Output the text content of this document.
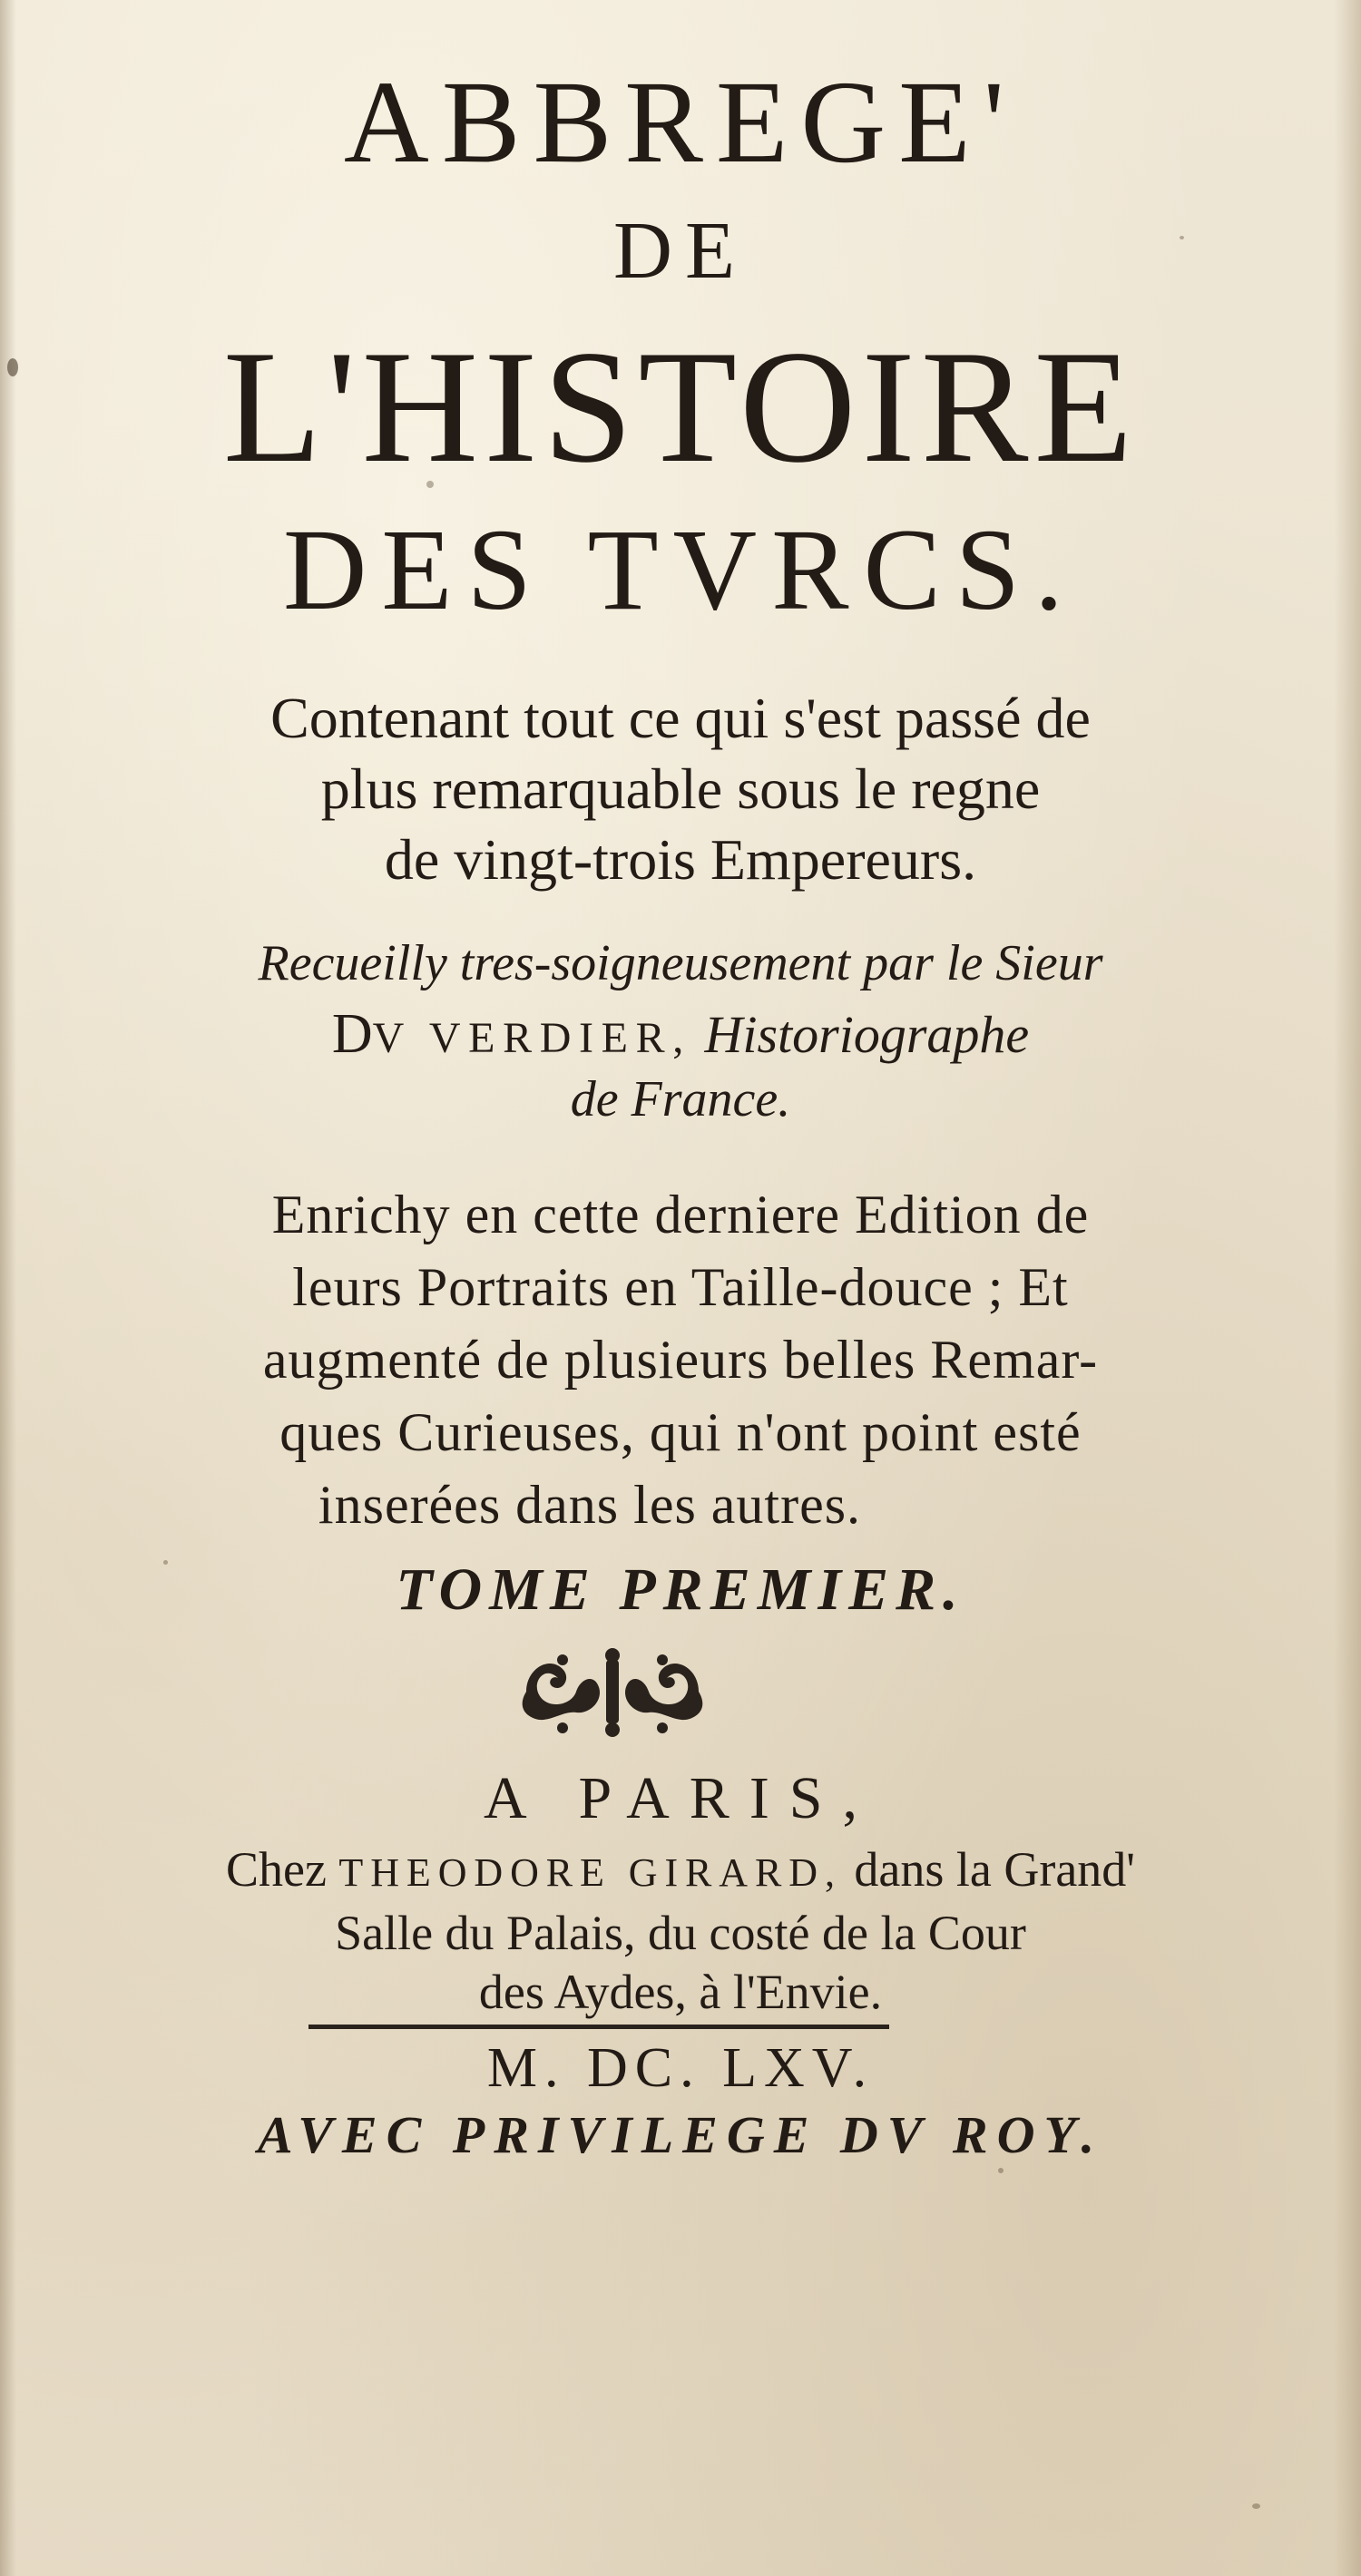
ABBREGE'
DE
L'HISTOIRE
DES TVRCS.
Contenant tout ce qui s'est passé de
plus remarquable sous le regne
de vingt-trois Empereurs.
Recueilly tres-soigneusement par le Sieur
DV VERDIER, Historiographe
de France.
Enrichy en cette derniere Edition de
leurs Portraits en Taille-douce ; Et
augmenté de plusieurs belles Remar-
ques Curieuses, qui n'ont point esté
inserées dans les autres.
TOME PREMIER.
A PARIS,
Chez THEODORE GIRARD, dans la Grand'
Salle du Palais, du costé de la Cour
des Aydes, à l'Envie.
M. DC. LXV.
AVEC PRIVILEGE DV ROY.
